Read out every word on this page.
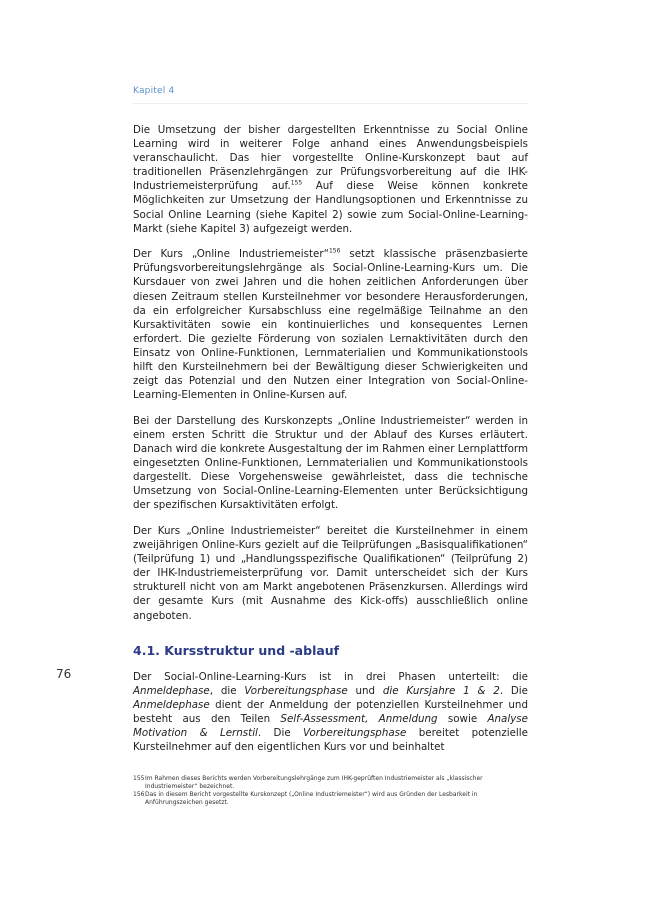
Kapitel 4

Die Umsetzung der bisher dargestellten Erkenntnisse zu Social Online Learning wird in weiterer Folge anhand eines Anwendungsbeispiels veranschaulicht. Das hier vorgestellte Online-Kurskonzept baut auf traditionellen Präsenzlehrgängen zur Prüfungsvorbereitung auf die IHK-Industriemeisterprüfung auf.$^{155}$ Auf diese Weise können konkrete Möglichkeiten zur Umsetzung der Handlungsoptionen und Erkenntnisse zu Social Online Learning (siehe Kapitel 2) sowie zum Social-Online-Learning-Markt (siehe Kapitel 3) aufgezeigt werden.

Der Kurs „Online Industriemeister“$^{156}$ setzt klassische präsenzbasierte Prüfungsvorbereitungslehrgänge als Social-Online-Learning-Kurs um. Die Kursdauer von zwei Jahren und die hohen zeitlichen Anforderungen über diesen Zeitraum stellen Kursteilnehmer vor besondere Herausforderungen, da ein erfolgreicher Kursabschluss eine regelmäßige Teilnahme an den Kursaktivitäten sowie ein kontinuierliches und konsequentes Lernen erfordert. Die gezielte Förderung von sozialen Lernaktivitäten durch den Einsatz von Online-Funktionen, Lernmaterialien und Kommunikationstools hilft den Kursteilnehmern bei der Bewältigung dieser Schwierigkeiten und zeigt das Potenzial und den Nutzen einer Integration von Social-Online-Learning-Elementen in Online-Kursen auf.

Bei der Darstellung des Kurskonzepts „Online Industriemeister“ werden in einem ersten Schritt die Struktur und der Ablauf des Kurses erläutert. Danach wird die konkrete Ausgestaltung der im Rahmen einer Lernplattform eingesetzten Online-Funktionen, Lernmaterialien und Kommunikationstools dargestellt. Diese Vorgehensweise gewährleistet, dass die technische Umsetzung von Social-Online-Learning-Elementen unter Berücksichtigung der spezifischen Kursaktivitäten erfolgt.

Der Kurs „Online Industriemeister“ bereitet die Kursteilnehmer in einem zweijährigen Online-Kurs gezielt auf die Teilprüfungen „Basisqualifikationen“ (Teilprüfung 1) und „Handlungsspezifische Qualifikationen“ (Teilprüfung 2) der IHK-Industriemeisterprüfung vor. Damit unterscheidet sich der Kurs strukturell nicht von am Markt angebotenen Präsenzkursen. Allerdings wird der gesamte Kurs (mit Ausnahme des Kick-offs) ausschließlich online angeboten.

4.1. Kursstruktur und -ablauf

Der Social-Online-Learning-Kurs ist in drei Phasen unterteilt: die Anmeldephase, die Vorbereitungsphase und die Kursjahre 1 & 2. Die Anmeldephase dient der Anmeldung der potenziellen Kursteilnehmer und besteht aus den Teilen Self-Assessment, Anmeldung sowie Analyse Motivation & Lernstil. Die Vorbereitungsphase bereitet potenzielle Kursteilnehmer auf den eigentlichen Kurs vor und beinhaltet

76
155 Im Rahmen dieses Berichts werden Vorbereitungslehrgänge zum IHK-geprüften Industriemeister als „klassischer Industriemeister“ bezeichnet.
156 Das in diesem Bericht vorgestellte Kurskonzept („Online Industriemeister“) wird aus Gründen der Lesbarkeit in Anführungszeichen gesetzt.
